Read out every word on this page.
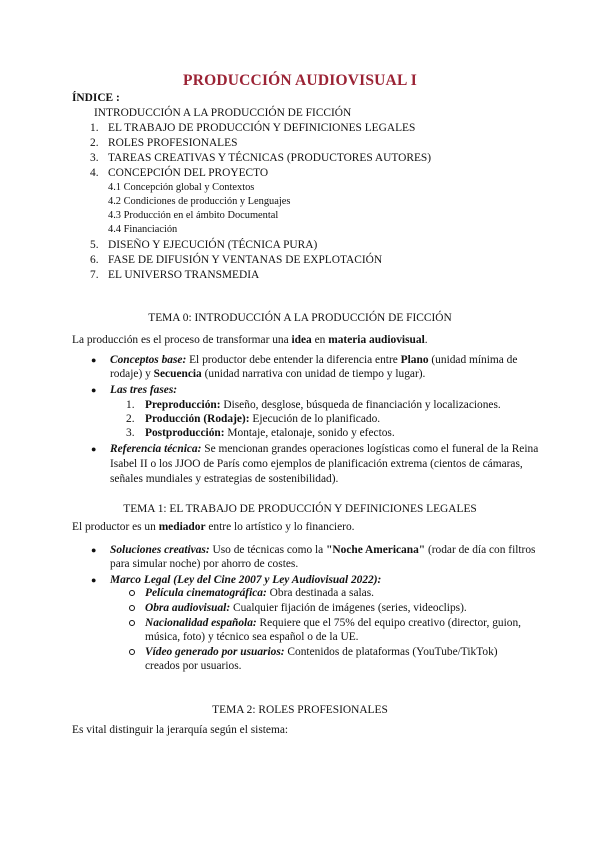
PRODUCCIÓN AUDIOVISUAL I
ÍNDICE :
INTRODUCCIÓN A LA PRODUCCIÓN DE FICCIÓN
1. EL TRABAJO DE PRODUCCIÓN Y DEFINICIONES LEGALES
2. ROLES PROFESIONALES
3. TAREAS CREATIVAS Y TÉCNICAS (PRODUCTORES AUTORES)
4. CONCEPCIÓN DEL PROYECTO
4.1 Concepción global y Contextos
4.2 Condiciones de producción y Lenguajes
4.3 Producción en el ámbito Documental
4.4 Financiación
5. DISEÑO Y EJECUCIÓN (TÉCNICA PURA)
6. FASE DE DIFUSIÓN Y VENTANAS DE EXPLOTACIÓN
7. EL UNIVERSO TRANSMEDIA
TEMA 0: INTRODUCCIÓN A LA PRODUCCIÓN DE FICCIÓN
La producción es el proceso de transformar una idea en materia audiovisual.
● Conceptos base: El productor debe entender la diferencia entre Plano (unidad mínima de
rodaje) y Secuencia (unidad narrativa con unidad de tiempo y lugar).
● Las tres fases:
1. Preproducción: Diseño, desglose, búsqueda de financiación y localizaciones.
2. Producción (Rodaje): Ejecución de lo planificado.
3. Postproducción: Montaje, etalonaje, sonido y efectos.
● Referencia técnica: Se mencionan grandes operaciones logísticas como el funeral de la Reina
Isabel II o los JJOO de París como ejemplos de planificación extrema (cientos de cámaras,
señales mundiales y estrategias de sostenibilidad).
TEMA 1: EL TRABAJO DE PRODUCCIÓN Y DEFINICIONES LEGALES
El productor es un mediador entre lo artístico y lo financiero.
● Soluciones creativas: Uso de técnicas como la "Noche Americana" (rodar de día con filtros
para simular noche) por ahorro de costes.
● Marco Legal (Ley del Cine 2007 y Ley Audiovisual 2022):
Película cinematográfica: Obra destinada a salas.
Obra audiovisual: Cualquier fijación de imágenes (series, videoclips).
Nacionalidad española: Requiere que el 75% del equipo creativo (director, guion,
música, foto) y técnico sea español o de la UE.
Vídeo generado por usuarios: Contenidos de plataformas (YouTube/TikTok)
creados por usuarios.
TEMA 2: ROLES PROFESIONALES
Es vital distinguir la jerarquía según el sistema:
